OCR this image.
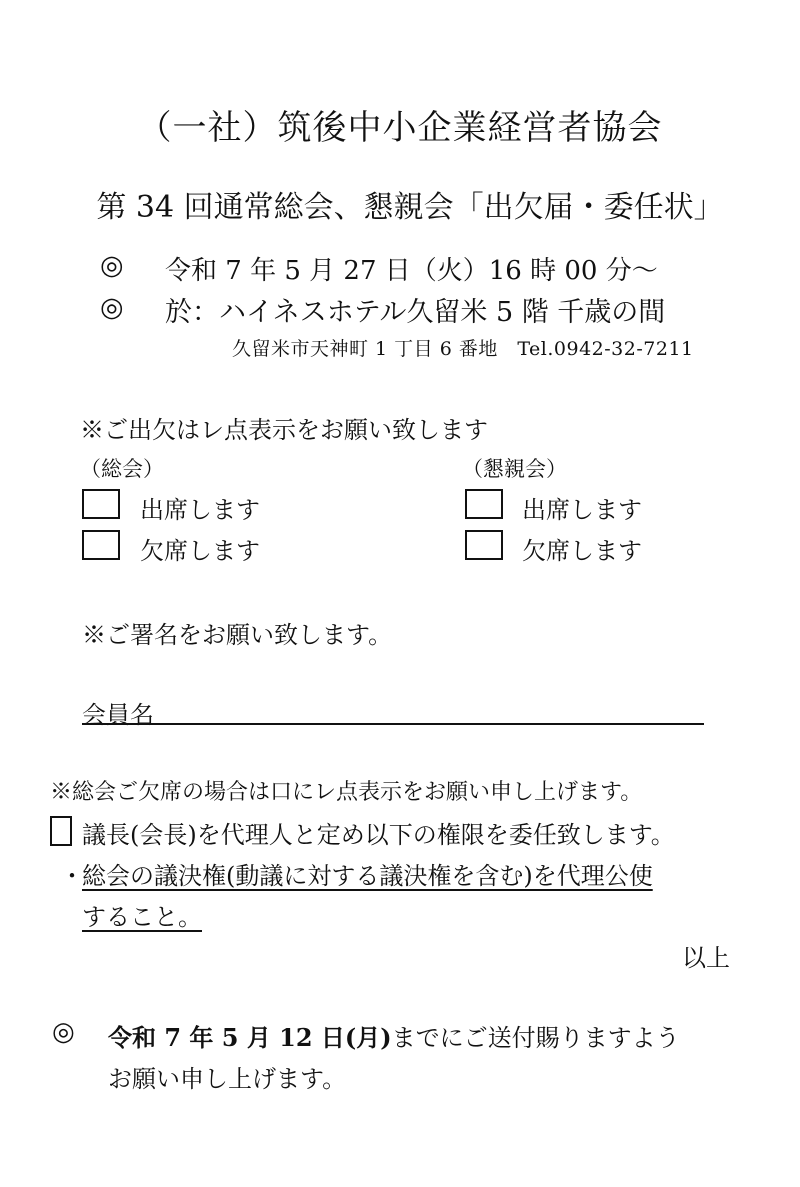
（一社）筑後中小企業経営者協会
第 34 回通常総会、懇親会「出欠届・委任状」
◎ 令和 7 年 5 月 27 日（火）16 時 00 分～
◎ 於：ハイネスホテル久留米 5 階 千歳の間
久留米市天神町 1 丁目 6 番地　Tel.0942-32-7211
※ご出欠はレ点表示をお願い致します
（総会）	（懇親会）
出席します	出席します
欠席します	欠席します
※ご署名をお願い致します。
会員名
※総会ご欠席の場合は口にレ点表示をお願い申し上げます。
議長(会長)を代理人と定め以下の権限を委任致します。
・
総会の議決権(動議に対する議決権を含む)を代理公使
すること。
以上
◎ 令和 7 年 5 月 12 日(月)までにご送付賜りますよう
お願い申し上げます。
